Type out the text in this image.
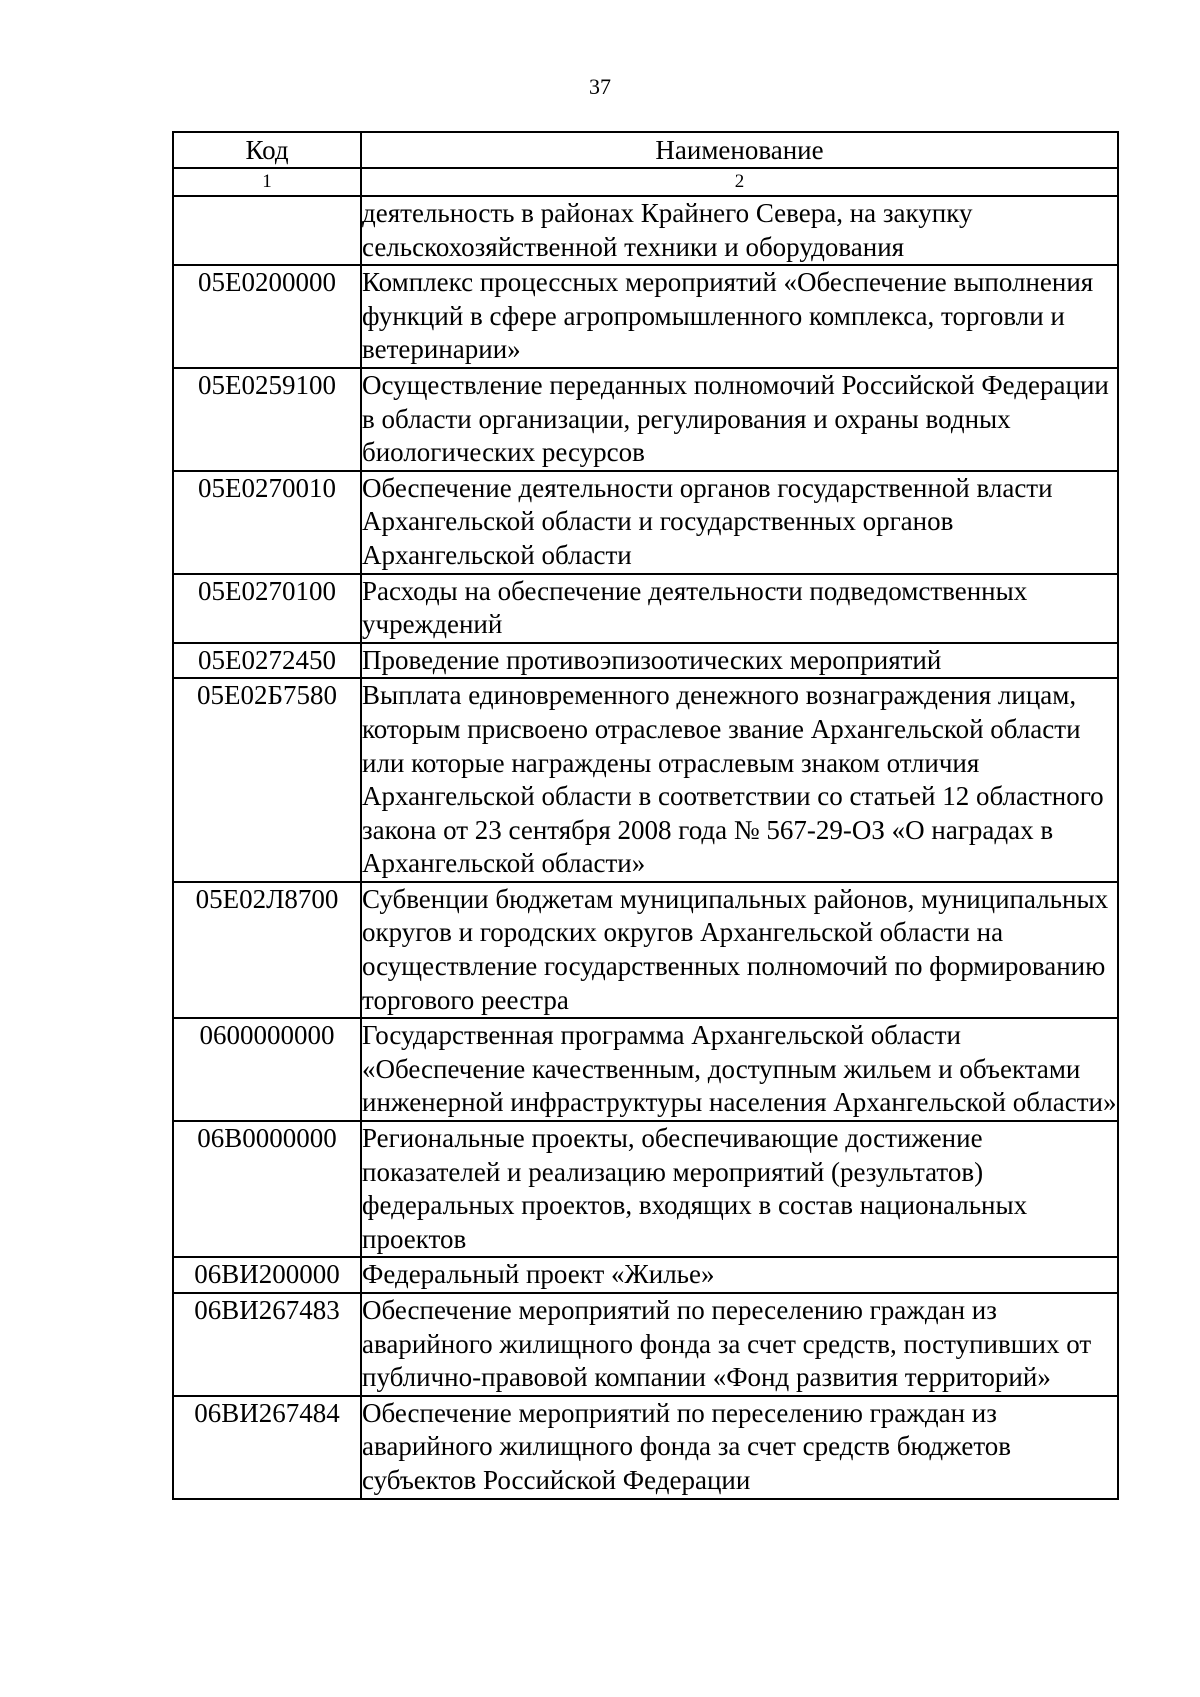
37
Код	Наименование
1	2
	деятельность в районах Крайнего Севера, на закупку сельскохозяйственной техники и оборудования
05Е0200000	Комплекс процессных мероприятий «Обеспечение выполнения функций в сфере агропромышленного комплекса, торговли и ветеринарии»
05Е0259100	Осуществление переданных полномочий Российской Федерации в области организации, регулирования и охраны водных биологических ресурсов
05Е0270010	Обеспечение деятельности органов государственной власти Архангельской области и государственных органов Архангельской области
05Е0270100	Расходы на обеспечение деятельности подведомственных учреждений
05Е0272450	Проведение противоэпизоотических мероприятий
05Е02Б7580	Выплата единовременного денежного вознаграждения лицам, которым присвоено отраслевое звание Архангельской области или которые награждены отраслевым знаком отличия Архангельской области в соответствии со статьей 12 областного закона от 23 сентября 2008 года № 567-29-ОЗ «О наградах в Архангельской области»
05Е02Л8700	Субвенции бюджетам муниципальных районов, муниципальных округов и городских округов Архангельской области на осуществление государственных полномочий по формированию торгового реестра
0600000000	Государственная программа Архангельской области «Обеспечение качественным, доступным жильем и объектами инженерной инфраструктуры населения Архангельской области»
06В0000000	Региональные проекты, обеспечивающие достижение показателей и реализацию мероприятий (результатов) федеральных проектов, входящих в состав национальных проектов
06ВИ200000	Федеральный проект «Жилье»
06ВИ267483	Обеспечение мероприятий по переселению граждан из аварийного жилищного фонда за счет средств, поступивших от публично-правовой компании «Фонд развития территорий»
06ВИ267484	Обеспечение мероприятий по переселению граждан из аварийного жилищного фонда за счет средств бюджетов субъектов Российской Федерации
